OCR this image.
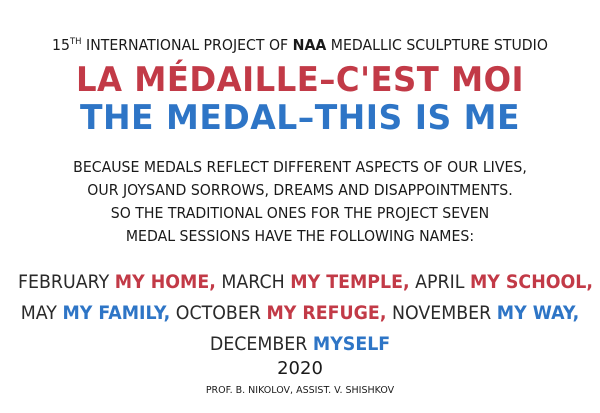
15TH INTERNATIONAL PROJECT OF NAA MEDALLIC SCULPTURE STUDIO
LA MÉDAILLE–C'EST MOI
THE MEDAL–THIS IS ME
BECAUSE MEDALS REFLECT DIFFERENT ASPECTS OF OUR LIVES,
OUR JOYSAND SORROWS, DREAMS AND DISAPPOINTMENTS.
SO THE TRADITIONAL ONES FOR THE PROJECT SEVEN
MEDAL SESSIONS HAVE THE FOLLOWING NAMES:
FEBRUARY MY HOME, MARCH MY TEMPLE, APRIL MY SCHOOL,
MAY MY FAMILY, OCTOBER MY REFUGE, NOVEMBER MY WAY,
DECEMBER MYSELF
2020
PROF. B. NIKOLOV, ASSIST. V. SHISHKOV
